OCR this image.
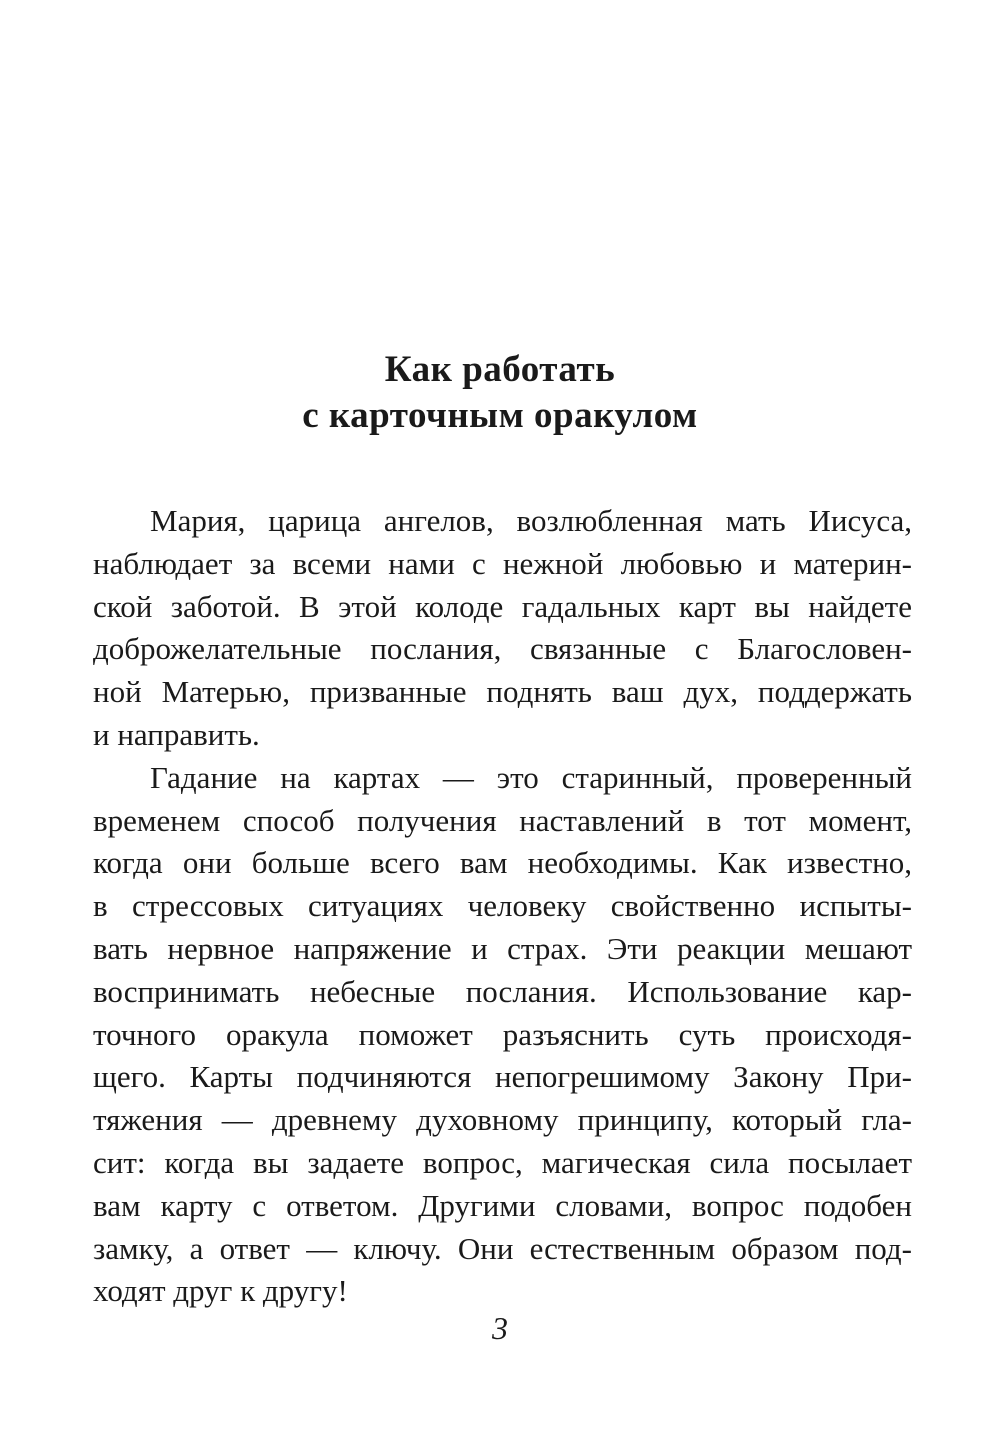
Как работать
с карточным оракулом
Мария, царица ангелов, возлюбленная мать Иисуса,
наблюдает за всеми нами с нежной любовью и материн-
ской заботой. В этой колоде гадальных карт вы найдете
доброжелательные послания, связанные с Благословен-
ной Матерью, призванные поднять ваш дух, поддержать
и направить.
Гадание на картах — это старинный, проверенный
временем способ получения наставлений в тот момент,
когда они больше всего вам необходимы. Как известно,
в стрессовых ситуациях человеку свойственно испыты-
вать нервное напряжение и страх. Эти реакции мешают
воспринимать небесные послания. Использование кар-
точного оракула поможет разъяснить суть происходя-
щего. Карты подчиняются непогрешимому Закону При-
тяжения — древнему духовному принципу, который гла-
сит: когда вы задаете вопрос, магическая сила посылает
вам карту с ответом. Другими словами, вопрос подобен
замку, а ответ — ключу. Они естественным образом под-
ходят друг к другу!
3
